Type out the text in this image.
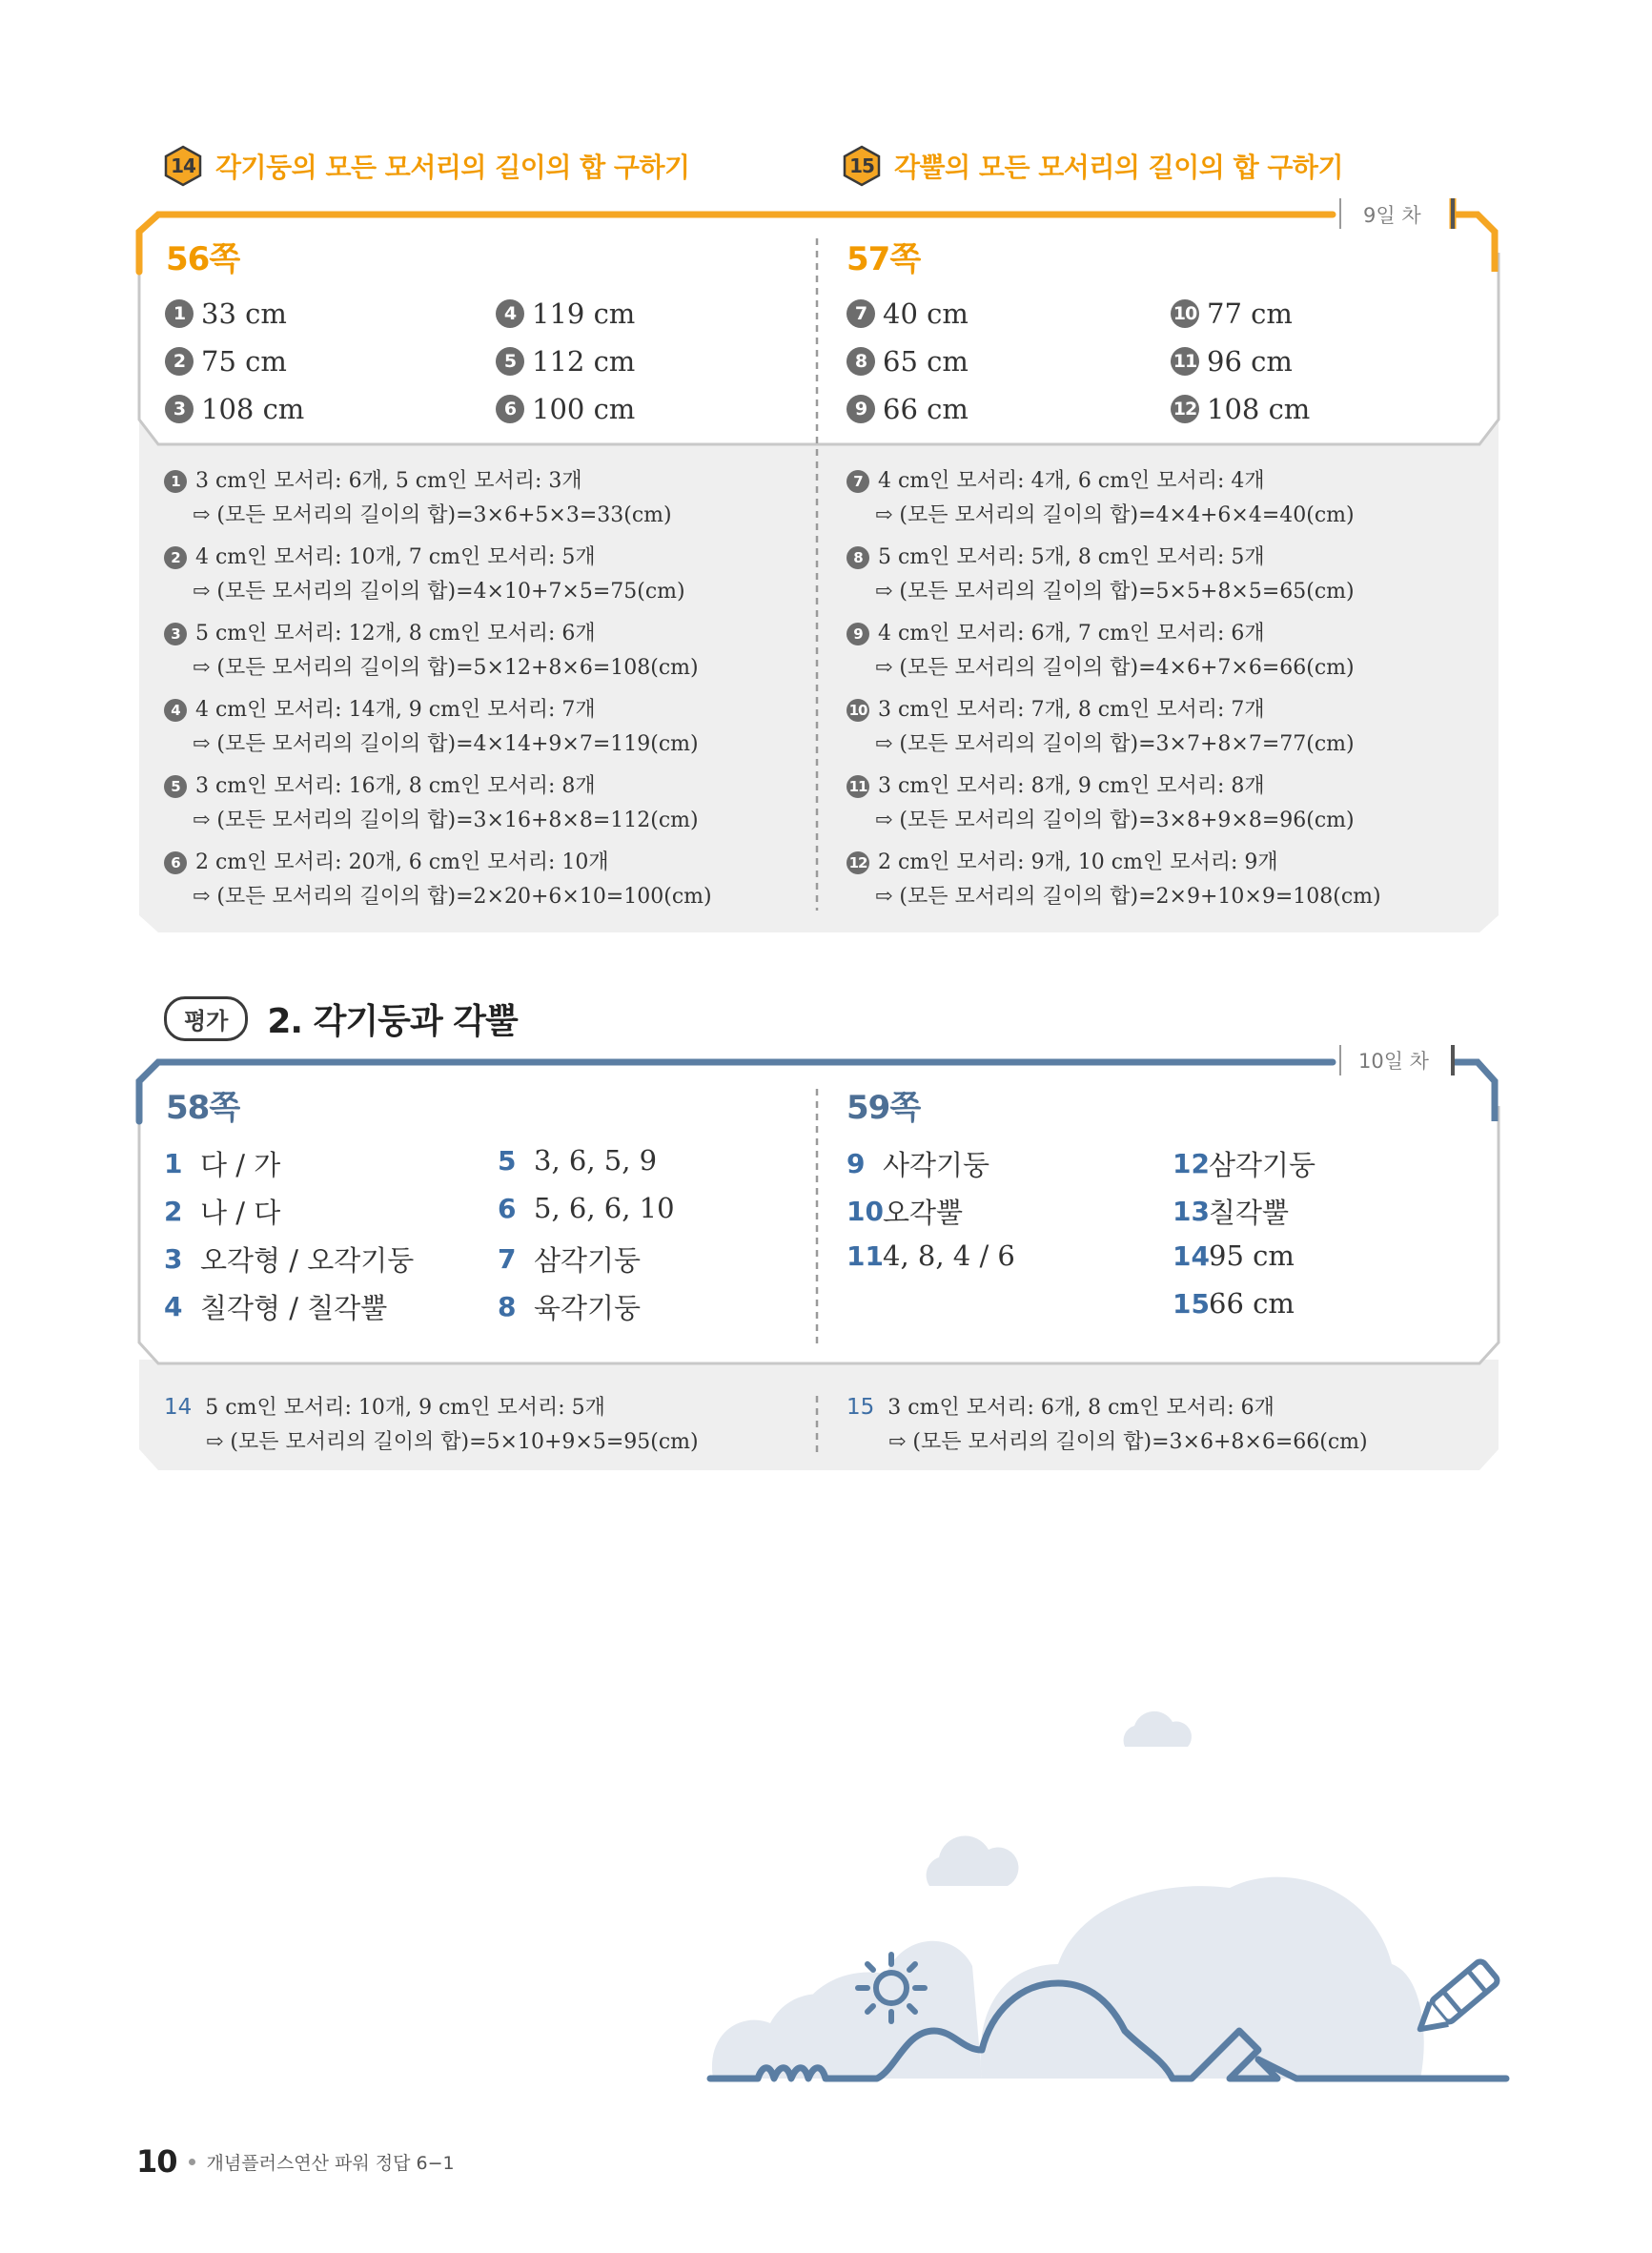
14 각기둥의 모든 모서리의 길이의 합 구하기	15 각뿔의 모든 모서리의 길이의 합 구하기
9일 차
56쪽	57쪽
1 33 cm
2 75 cm
3 108 cm
4 119 cm
5 112 cm
6 100 cm
7 40 cm
8 65 cm
9 66 cm
10 77 cm
11 96 cm
12 108 cm
1 3 cm인 모서리: 6개, 5 cm인 모서리: 3개
⇨ (모든 모서리의 길이의 합)=3×6+5×3=33(cm)
2 4 cm인 모서리: 10개, 7 cm인 모서리: 5개
⇨ (모든 모서리의 길이의 합)=4×10+7×5=75(cm)
3 5 cm인 모서리: 12개, 8 cm인 모서리: 6개
⇨ (모든 모서리의 길이의 합)=5×12+8×6=108(cm)
4 4 cm인 모서리: 14개, 9 cm인 모서리: 7개
⇨ (모든 모서리의 길이의 합)=4×14+9×7=119(cm)
5 3 cm인 모서리: 16개, 8 cm인 모서리: 8개
⇨ (모든 모서리의 길이의 합)=3×16+8×8=112(cm)
6 2 cm인 모서리: 20개, 6 cm인 모서리: 10개
⇨ (모든 모서리의 길이의 합)=2×20+6×10=100(cm)
7 4 cm인 모서리: 4개, 6 cm인 모서리: 4개
⇨ (모든 모서리의 길이의 합)=4×4+6×4=40(cm)
8 5 cm인 모서리: 5개, 8 cm인 모서리: 5개
⇨ (모든 모서리의 길이의 합)=5×5+8×5=65(cm)
9 4 cm인 모서리: 6개, 7 cm인 모서리: 6개
⇨ (모든 모서리의 길이의 합)=4×6+7×6=66(cm)
10 3 cm인 모서리: 7개, 8 cm인 모서리: 7개
⇨ (모든 모서리의 길이의 합)=3×7+8×7=77(cm)
11 3 cm인 모서리: 8개, 9 cm인 모서리: 8개
⇨ (모든 모서리의 길이의 합)=3×8+9×8=96(cm)
12 2 cm인 모서리: 9개, 10 cm인 모서리: 9개
⇨ (모든 모서리의 길이의 합)=2×9+10×9=108(cm)
평가	2. 각기둥과 각뿔
10일 차
58쪽	59쪽
1 다 / 가
2 나 / 다
3 오각형 / 오각기둥
4 칠각형 / 칠각뿔
5 3, 6, 5, 9
6 5, 6, 6, 10
7 삼각기둥
8 육각기둥
9 사각기둥
10 오각뿔
11 4, 8, 4 / 6
12 삼각기둥
13 칠각뿔
14 95 cm
15 66 cm
14 5 cm인 모서리: 10개, 9 cm인 모서리: 5개
⇨ (모든 모서리의 길이의 합)=5×10+9×5=95(cm)
15 3 cm인 모서리: 6개, 8 cm인 모서리: 6개
⇨ (모든 모서리의 길이의 합)=3×6+8×6=66(cm)
10 개념플러스연산 파워 정답 6−1
